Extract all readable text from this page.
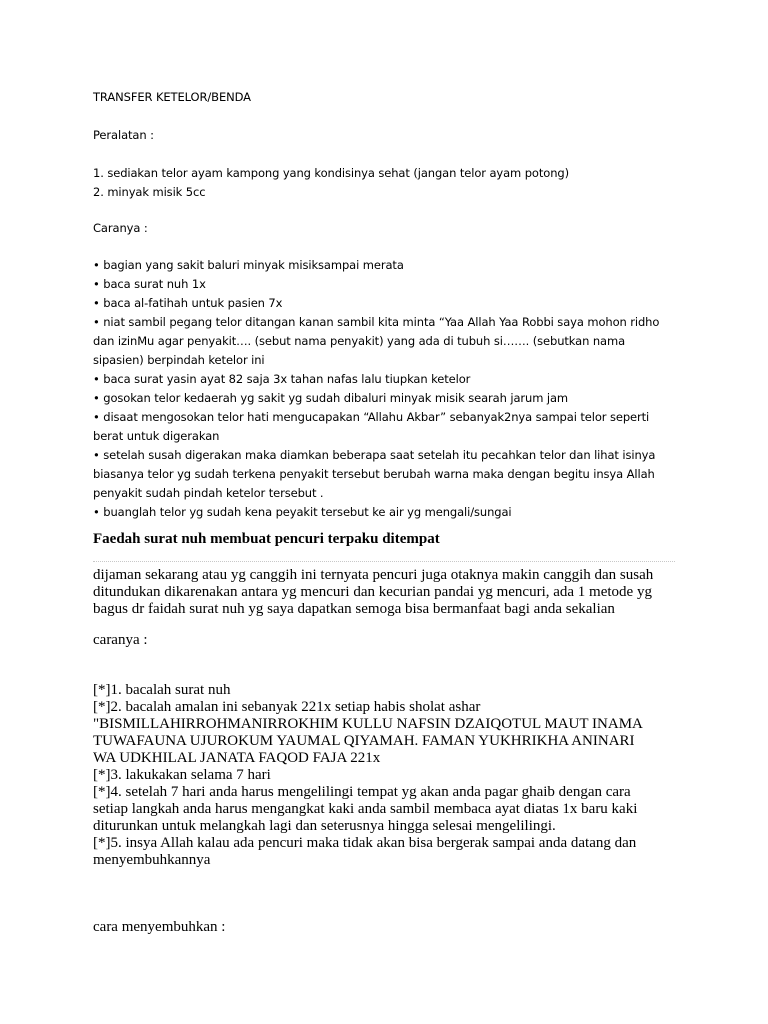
TRANSFER KETELOR/BENDA
Peralatan :
1. sediakan telor ayam kampong yang kondisinya sehat (jangan telor ayam potong)
2. minyak misik 5cc
Caranya :
• bagian yang sakit baluri minyak misiksampai merata
• baca surat nuh 1x
• baca al-fatihah untuk pasien 7x
• niat sambil pegang telor ditangan kanan sambil kita minta “Yaa Allah Yaa Robbi saya mohon ridho
dan izinMu agar penyakit…. (sebut nama penyakit) yang ada di tubuh si……. (sebutkan nama
sipasien) berpindah ketelor ini
• baca surat yasin ayat 82 saja 3x tahan nafas lalu tiupkan ketelor
• gosokan telor kedaerah yg sakit yg sudah dibaluri minyak misik searah jarum jam
• disaat mengosokan telor hati mengucapakan “Allahu Akbar” sebanyak2nya sampai telor seperti
berat untuk digerakan
• setelah susah digerakan maka diamkan beberapa saat setelah itu pecahkan telor dan lihat isinya
biasanya telor yg sudah terkena penyakit tersebut berubah warna maka dengan begitu insya Allah
penyakit sudah pindah ketelor tersebut .
• buanglah telor yg sudah kena peyakit tersebut ke air yg mengali/sungai
Faedah surat nuh membuat pencuri terpaku ditempat
dijaman sekarang atau yg canggih ini ternyata pencuri juga otaknya makin canggih dan susah
ditundukan dikarenakan antara yg mencuri dan kecurian pandai yg mencuri, ada 1 metode yg
bagus dr faidah surat nuh yg saya dapatkan semoga bisa bermanfaat bagi anda sekalian
caranya :
[*]1. bacalah surat nuh
[*]2. bacalah amalan ini sebanyak 221x setiap habis sholat ashar
"BISMILLAHIRROHMANIRROKHIM KULLU NAFSIN DZAIQOTUL MAUT INAMA
TUWAFAUNA UJUROKUM YAUMAL QIYAMAH. FAMAN YUKHRIKHA ANINARI
WA UDKHILAL JANATA FAQOD FAJA 221x
[*]3. lakukakan selama 7 hari
[*]4. setelah 7 hari anda harus mengelilingi tempat yg akan anda pagar ghaib dengan cara
setiap langkah anda harus mengangkat kaki anda sambil membaca ayat diatas 1x baru kaki
diturunkan untuk melangkah lagi dan seterusnya hingga selesai mengelilingi.
[*]5. insya Allah kalau ada pencuri maka tidak akan bisa bergerak sampai anda datang dan
menyembuhkannya
cara menyembuhkan :
